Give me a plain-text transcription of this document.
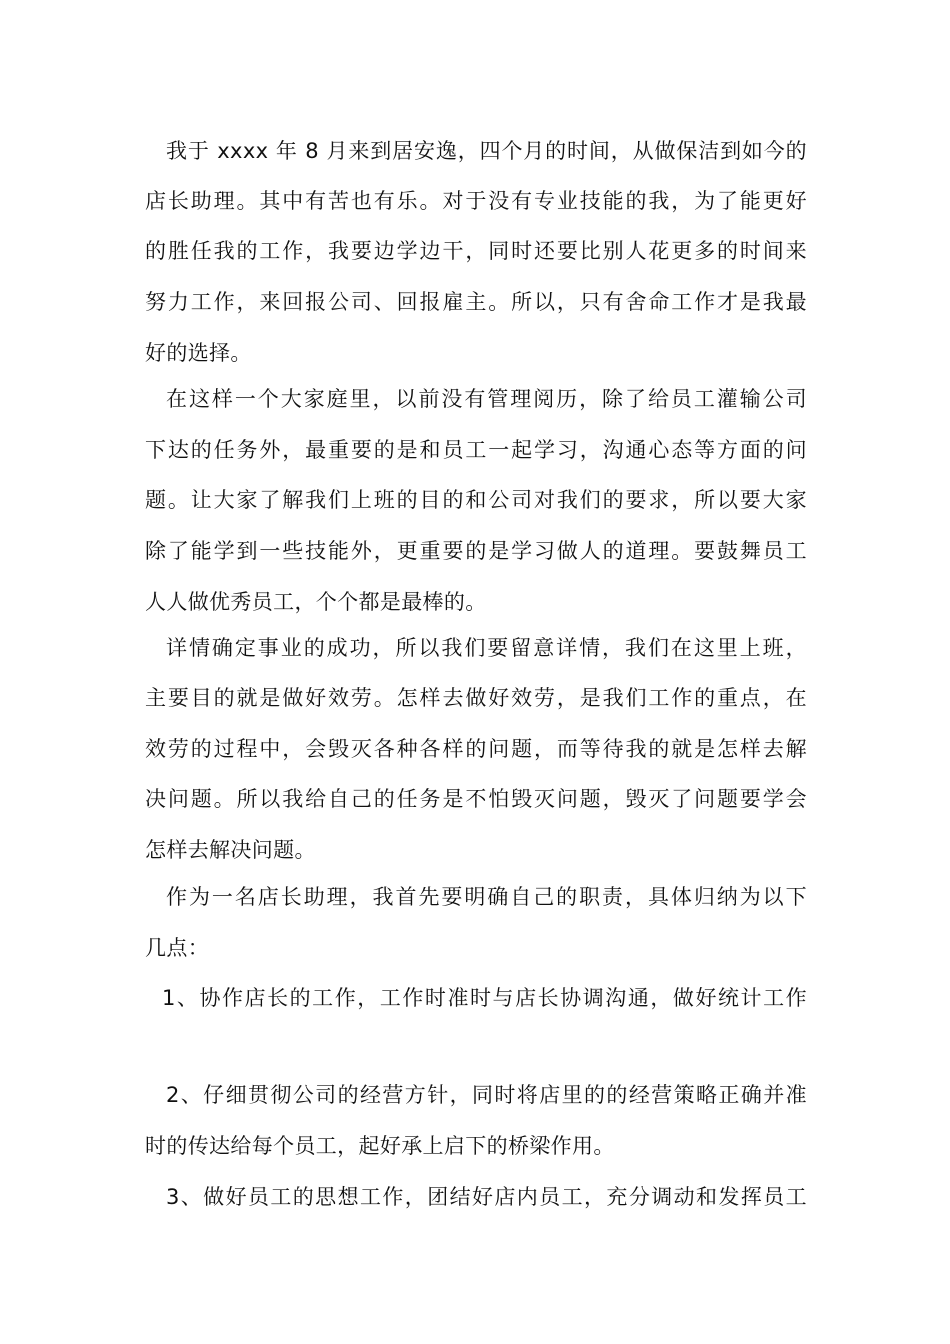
我于 xxxx 年 8 月来到居安逸，四个月的时间，从做保洁到如今的
店长助理。其中有苦也有乐。对于没有专业技能的我，为了能更好
的胜任我的工作，我要边学边干，同时还要比别人花更多的时间来
努力工作，来回报公司、回报雇主。所以，只有舍命工作才是我最
好的选择。
在这样一个大家庭里，以前没有管理阅历，除了给员工灌输公司
下达的任务外，最重要的是和员工一起学习，沟通心态等方面的问
题。让大家了解我们上班的目的和公司对我们的要求，所以要大家
除了能学到一些技能外，更重要的是学习做人的道理。要鼓舞员工
人人做优秀员工，个个都是最棒的。
详情确定事业的成功，所以我们要留意详情，我们在这里上班，
主要目的就是做好效劳。怎样去做好效劳，是我们工作的重点，在
效劳的过程中，会毁灭各种各样的问题，而等待我的就是怎样去解
决问题。所以我给自己的任务是不怕毁灭问题，毁灭了问题要学会
怎样去解决问题。
作为一名店长助理，我首先要明确自己的职责，具体归纳为以下
几点：
1、协作店长的工作，工作时准时与店长协调沟通，做好统计工作
2、仔细贯彻公司的经营方针，同时将店里的的经营策略正确并准
时的传达给每个员工，起好承上启下的桥梁作用。
3、做好员工的思想工作，团结好店内员工，充分调动和发挥员工
